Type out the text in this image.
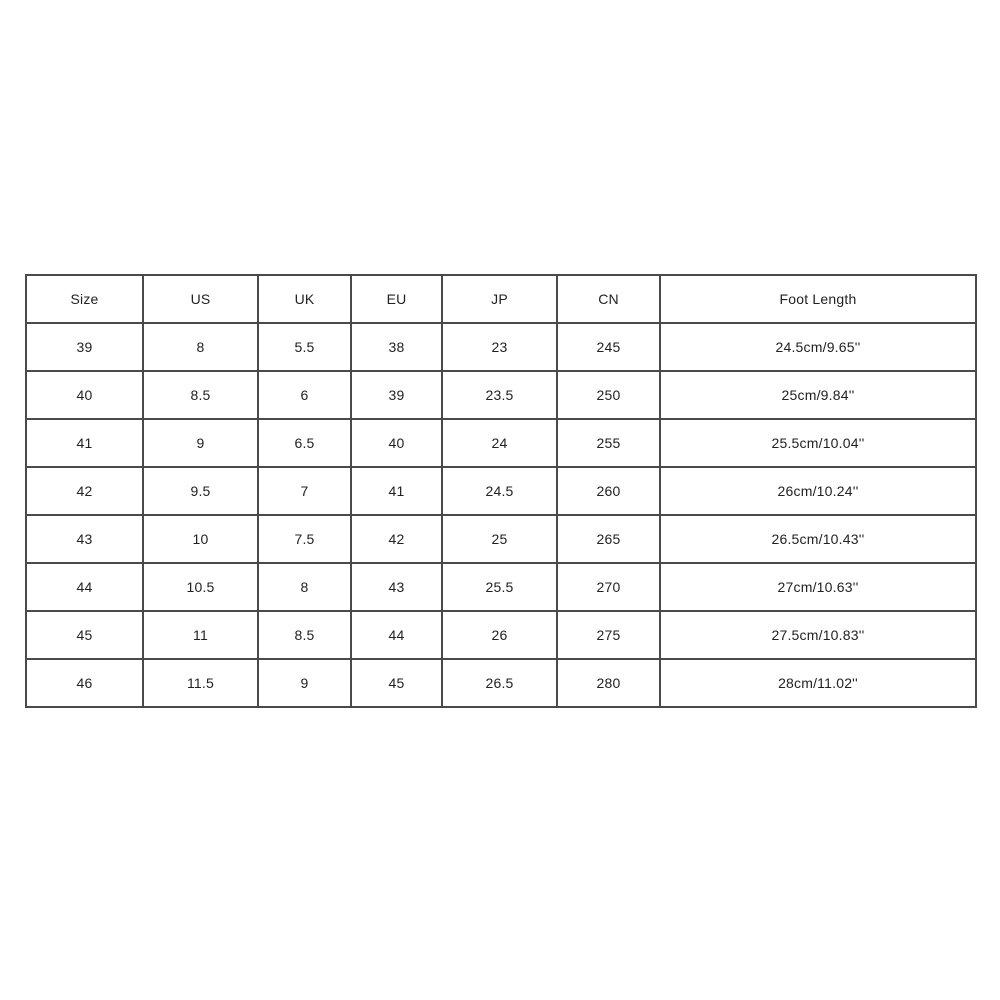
Size	US	UK	EU	JP	CN	Foot Length
39	8	5.5	38	23	245	24.5cm/9.65''
40	8.5	6	39	23.5	250	25cm/9.84''
41	9	6.5	40	24	255	25.5cm/10.04''
42	9.5	7	41	24.5	260	26cm/10.24''
43	10	7.5	42	25	265	26.5cm/10.43''
44	10.5	8	43	25.5	270	27cm/10.63''
45	11	8.5	44	26	275	27.5cm/10.83''
46	11.5	9	45	26.5	280	28cm/11.02''
